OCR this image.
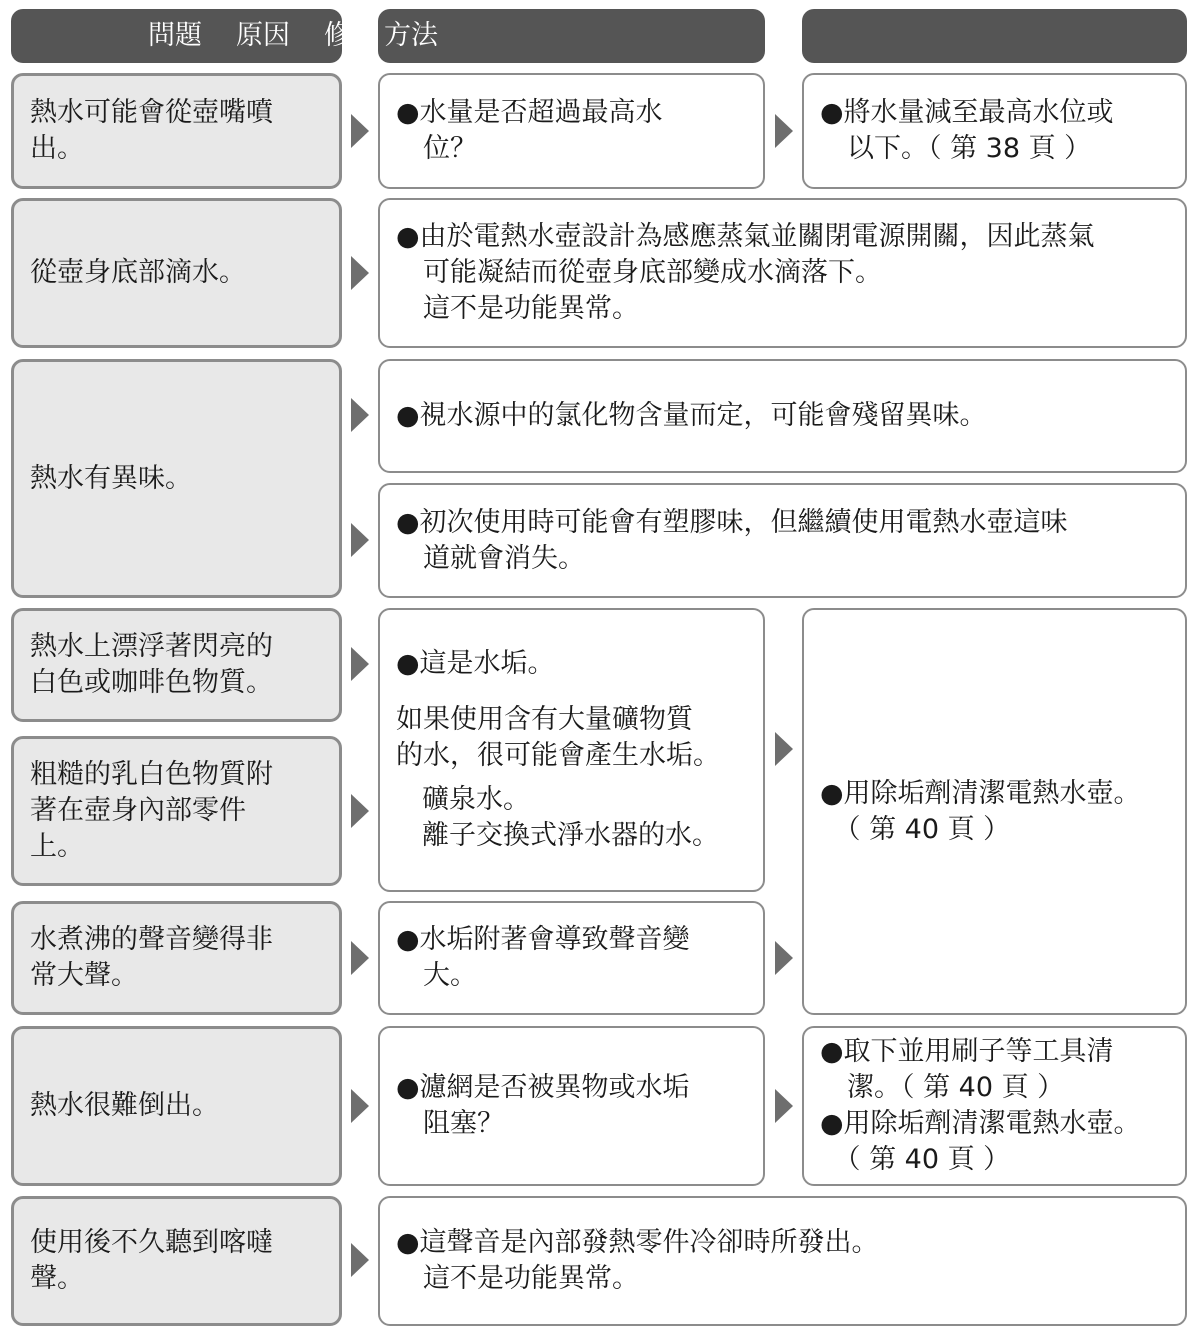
問題 原因 修 方法
熱水可能會從壺嘴噴
出。
●水量是否超過最高水
　位？
●將水量減至最高水位或
　以下。（ 第 38 頁 ）
從壺身底部滴水。
●由於電熱水壺設計為感應蒸氣並關閉電源開關，因此蒸氣
　可能凝結而從壺身底部變成水滴落下。
　這不是功能異常。
熱水有異味。
●視水源中的氯化物含量而定，可能會殘留異味。
●初次使用時可能會有塑膠味，但繼續使用電熱水壺這味
　道就會消失。
熱水上漂浮著閃亮的
白色或咖啡色物質。
粗糙的乳白色物質附
著在壺身內部零件
上。
●這是水垢。
如果使用含有大量礦物質
的水，很可能會產生水垢。
礦泉水。
離子交換式淨水器的水。
●用除垢劑清潔電熱水壺。
　（ 第 40 頁 ）
水煮沸的聲音變得非
常大聲。
●水垢附著會導致聲音變
　大。
熱水很難倒出。
●濾網是否被異物或水垢
　阻塞？
●取下並用刷子等工具清
　潔。（ 第 40 頁 ）
●用除垢劑清潔電熱水壺。
　（ 第 40 頁 ）
使用後不久聽到喀噠
聲。
●這聲音是內部發熱零件冷卻時所發出。
　這不是功能異常。
